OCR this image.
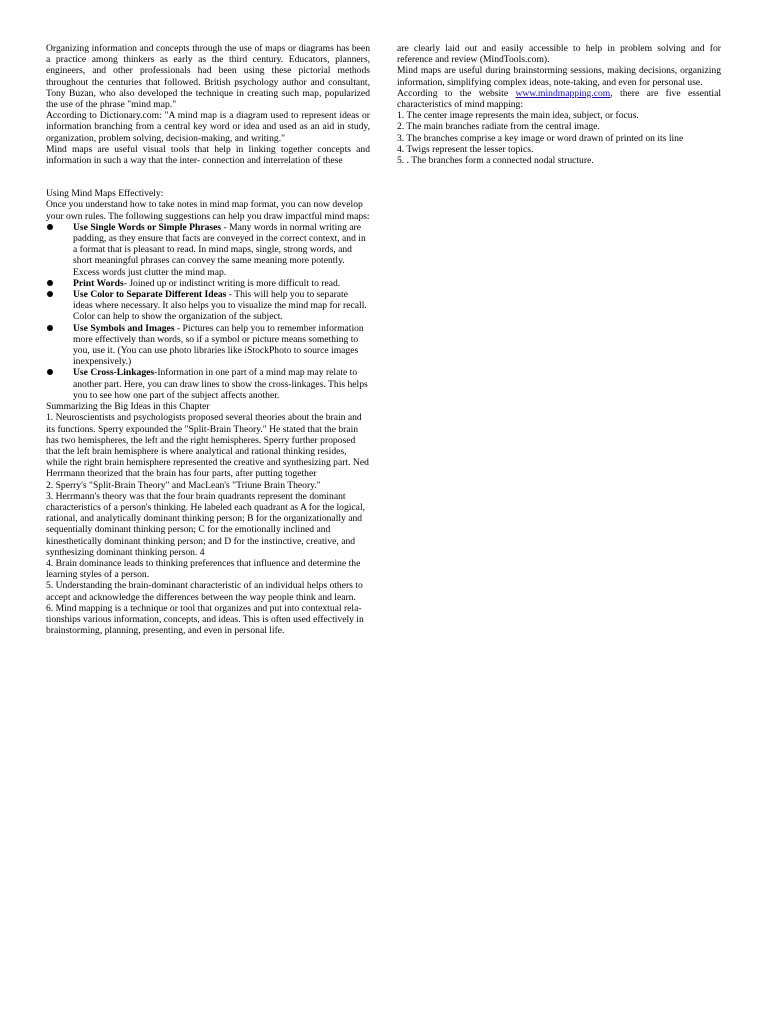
Organizing information and concepts through the use of maps or diagrams has been a practice among thinkers as early as the third century. Educators, planners, engineers, and other professionals had been using these pictorial methods throughout the centuries that followed. British psychology author and consultant, Tony Buzan, who also developed the technique in creating such map, popularized the use of the phrase "mind map."

According to Dictionary.com: "A mind map is a diagram used to represent ideas or information branching from a central key word or idea and used as an aid in study, organization, problem solving, decision-making, and writing."

Mind maps are useful visual tools that help in linking together concepts and information in such a way that the inter- connection and interrelation of these

Using Mind Maps Effectively:

Once you understand how to take notes in mind map format, you can now develop your own rules. The following suggestions can help you draw impactful mind maps:

Use Single Words or Simple Phrases - Many words in normal writing are padding, as they ensure that facts are conveyed in the correct context, and in a format that is pleasant to read. In mind maps, single, strong words, and short meaningful phrases can convey the same meaning more potently. Excess words just clutter the mind map.
Print Words- Joined up or indistinct writing is more difficult to read.
Use Color to Separate Different Ideas - This will help you to separate ideas where necessary. It also helps you to visualize the mind map for recall. Color can help to show the organization of the subject.
Use Symbols and Images - Pictures can help you to remember information more effectively than words, so if a symbol or picture means something to you, use it. (You can use photo libraries like iStockPhoto to source images inexpensively.)
Use Cross-Linkages-Information in one part of a mind map may relate to another part. Here, you can draw lines to show the cross-linkages. This helps you to see how one part of the subject affects another.

Summarizing the Big Ideas in this Chapter

1. Neuroscientists and psychologists proposed several theories about the brain and its functions. Sperry expounded the "Split-Brain Theory." He stated that the brain has two hemispheres, the left and the right hemispheres. Sperry further proposed that the left brain hemisphere is where analytical and rational thinking resides, while the right brain hemisphere represented the creative and synthesizing part. Ned Herrmann theorized that the brain has four parts, after putting together

2. Sperry's "Split-Brain Theory" and MacLean's "Triune Brain Theory."

3. Herrmann's theory was that the four brain quadrants represent the dominant characteristics of a person's thinking. He labeled each quadrant as A for the logical, rational, and analytically dominant thinking person; B for the organizationally and sequentially dominant thinking person; C for the emotionally inclined and kinesthetically dominant thinking person; and D for the instinctive, creative, and synthesizing dominant thinking person. 4

4. Brain dominance leads to thinking preferences that influence and determine the learning styles of a person.

5. Understanding the brain-dominant characteristic of an individual helps others to accept and acknowledge the differences between the way people think and learn.

6. Mind mapping is a technique or tool that organizes and put into contextual rela- tionships various information, concepts, and ideas. This is often used effectively in brainstorming, planning, presenting, and even in personal life.

are clearly laid out and easily accessible to help in problem solving and for reference and review (MindTools.com).

Mind maps are useful during brainstorming sessions, making decisions, organizing information, simplifying complex ideas, note-taking, and even for personal use.

According to the website www.mindmapping.com, there are five essential characteristics of mind mapping:

1. The center image represents the main idea, subject, or focus.

2. The main branches radiate from the central image.

3. The branches comprise a key image or word drawn of printed on its line

4. Twigs represent the lesser topics.

5. . The branches form a connected nodal structure.
